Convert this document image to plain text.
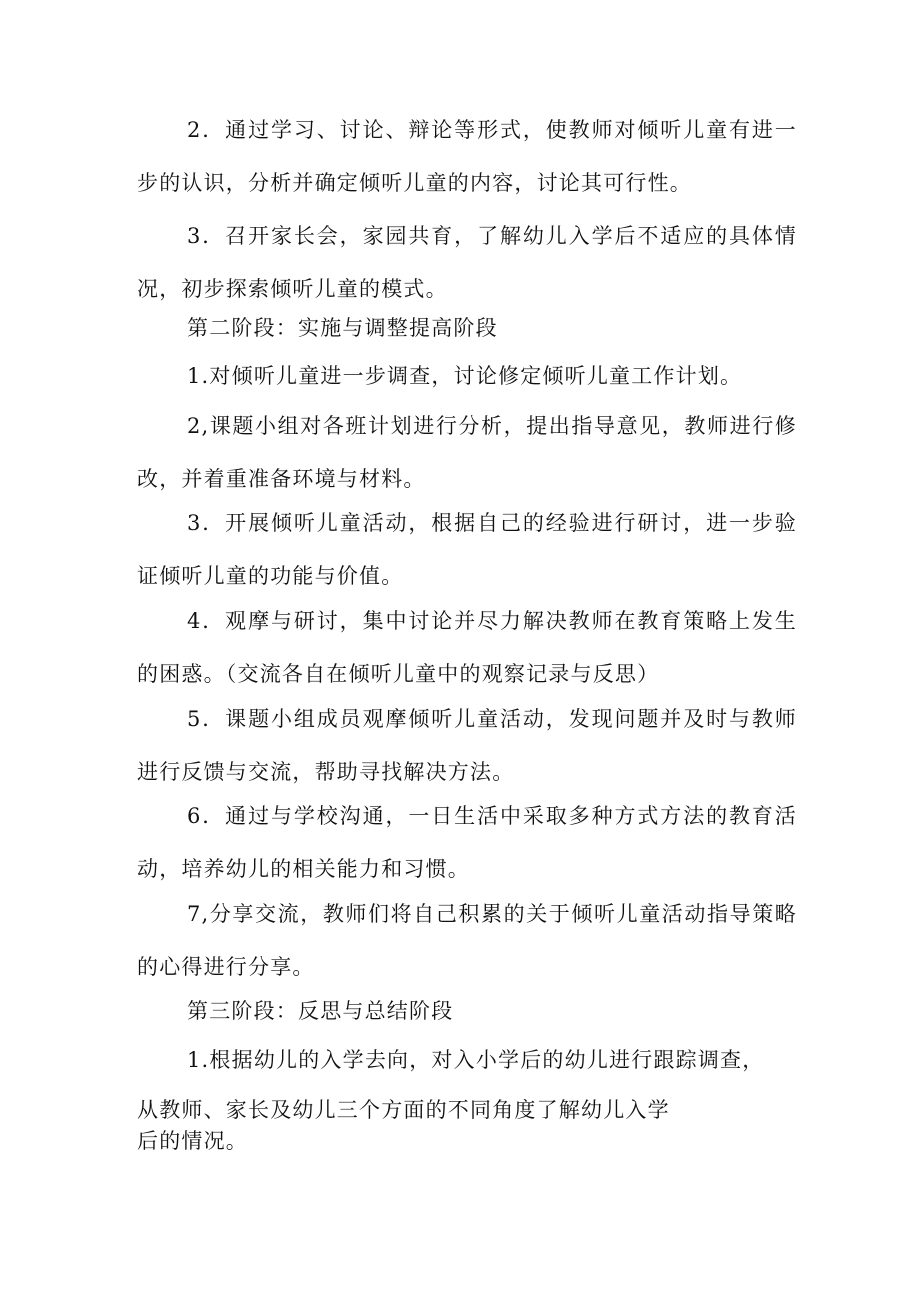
2．通过学习、讨论、辩论等形式，使教师对倾听儿童有进一步的认识，分析并确定倾听儿童的内容，讨论其可行性。

3．召开家长会，家园共育，了解幼儿入学后不适应的具体情况，初步探索倾听儿童的模式。

第二阶段：实施与调整提高阶段

1.对倾听儿童进一步调查，讨论修定倾听儿童工作计划。

2,课题小组对各班计划进行分析，提出指导意见，教师进行修改，并着重准备环境与材料。

3．开展倾听儿童活动，根据自己的经验进行研讨，进一步验证倾听儿童的功能与价值。

4．观摩与研讨，集中讨论并尽力解决教师在教育策略上发生的困惑。（交流各自在倾听儿童中的观察记录与反思）

5．课题小组成员观摩倾听儿童活动，发现问题并及时与教师进行反馈与交流，帮助寻找解决方法。

6．通过与学校沟通，一日生活中采取多种方式方法的教育活动，培养幼儿的相关能力和习惯。

7,分享交流，教师们将自己积累的关于倾听儿童活动指导策略的心得进行分享。

第三阶段：反思与总结阶段

1.根据幼儿的入学去向，对入小学后的幼儿进行跟踪调查，

从教师、家长及幼儿三个方面的不同角度了解幼儿入学

后的情况。
